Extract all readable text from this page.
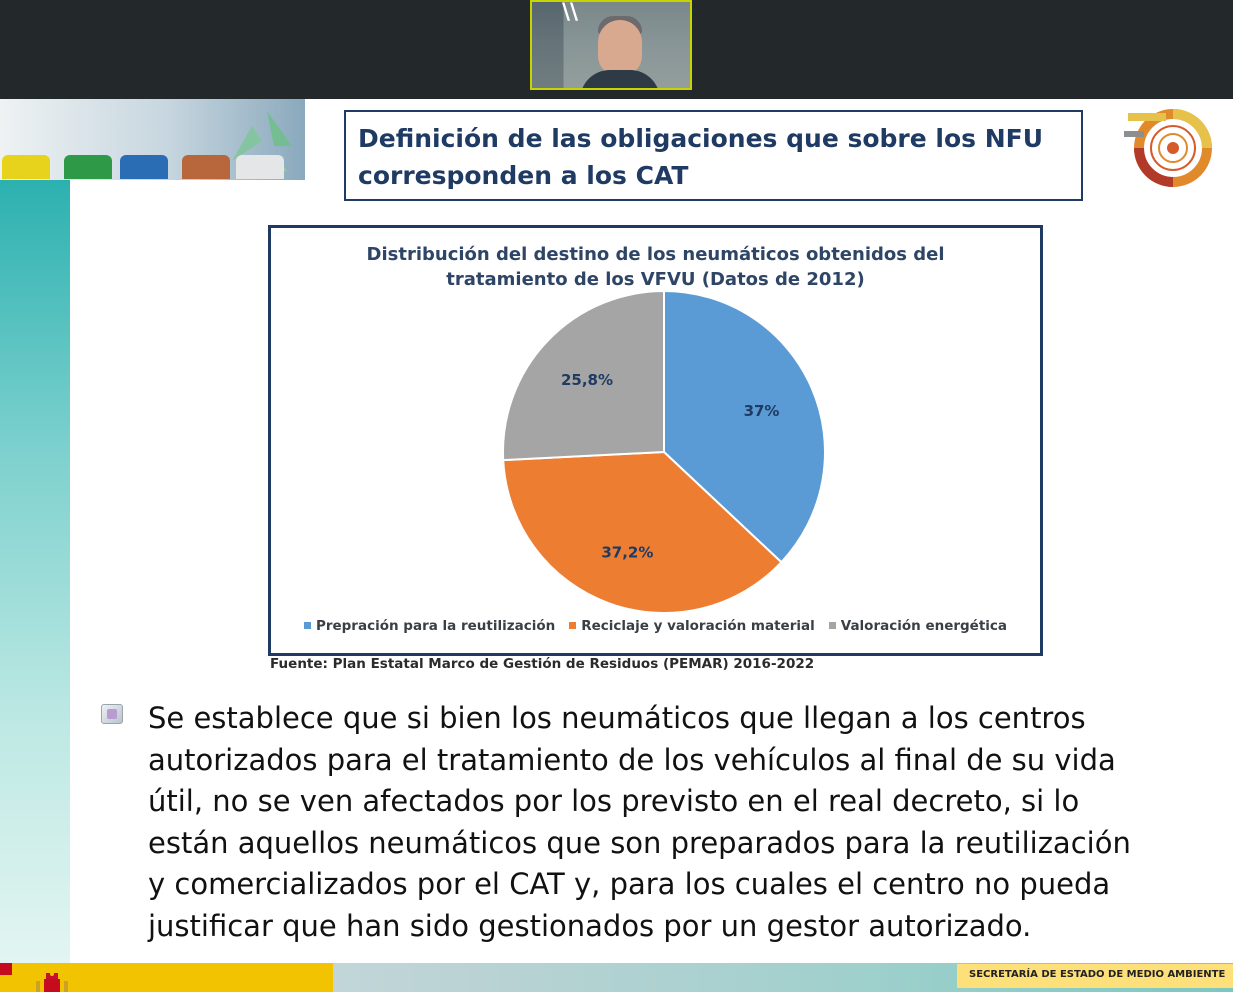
\\
Definición de las obligaciones que sobre los NFU
corresponden a los CAT
Distribución del destino de los neumáticos obtenidos del
tratamiento de los VFVU (Datos de 2012)
37%
37,2%
25,8%
Prepración para la reutilización Reciclaje y valoración material Valoración energética
Fuente: Plan Estatal Marco de Gestión de Residuos (PEMAR) 2016-2022
Se establece que si bien los neumáticos que llegan a los centros
autorizados para el tratamiento de los vehículos al final de su vida
útil, no se ven afectados por los previsto en el real decreto, si lo
están aquellos neumáticos que son preparados para la reutilización
y comercializados por el CAT y, para los cuales el centro no pueda
justificar que han sido gestionados por un gestor autorizado.
SECRETARÍA DE ESTADO DE MEDIO AMBIENTE
